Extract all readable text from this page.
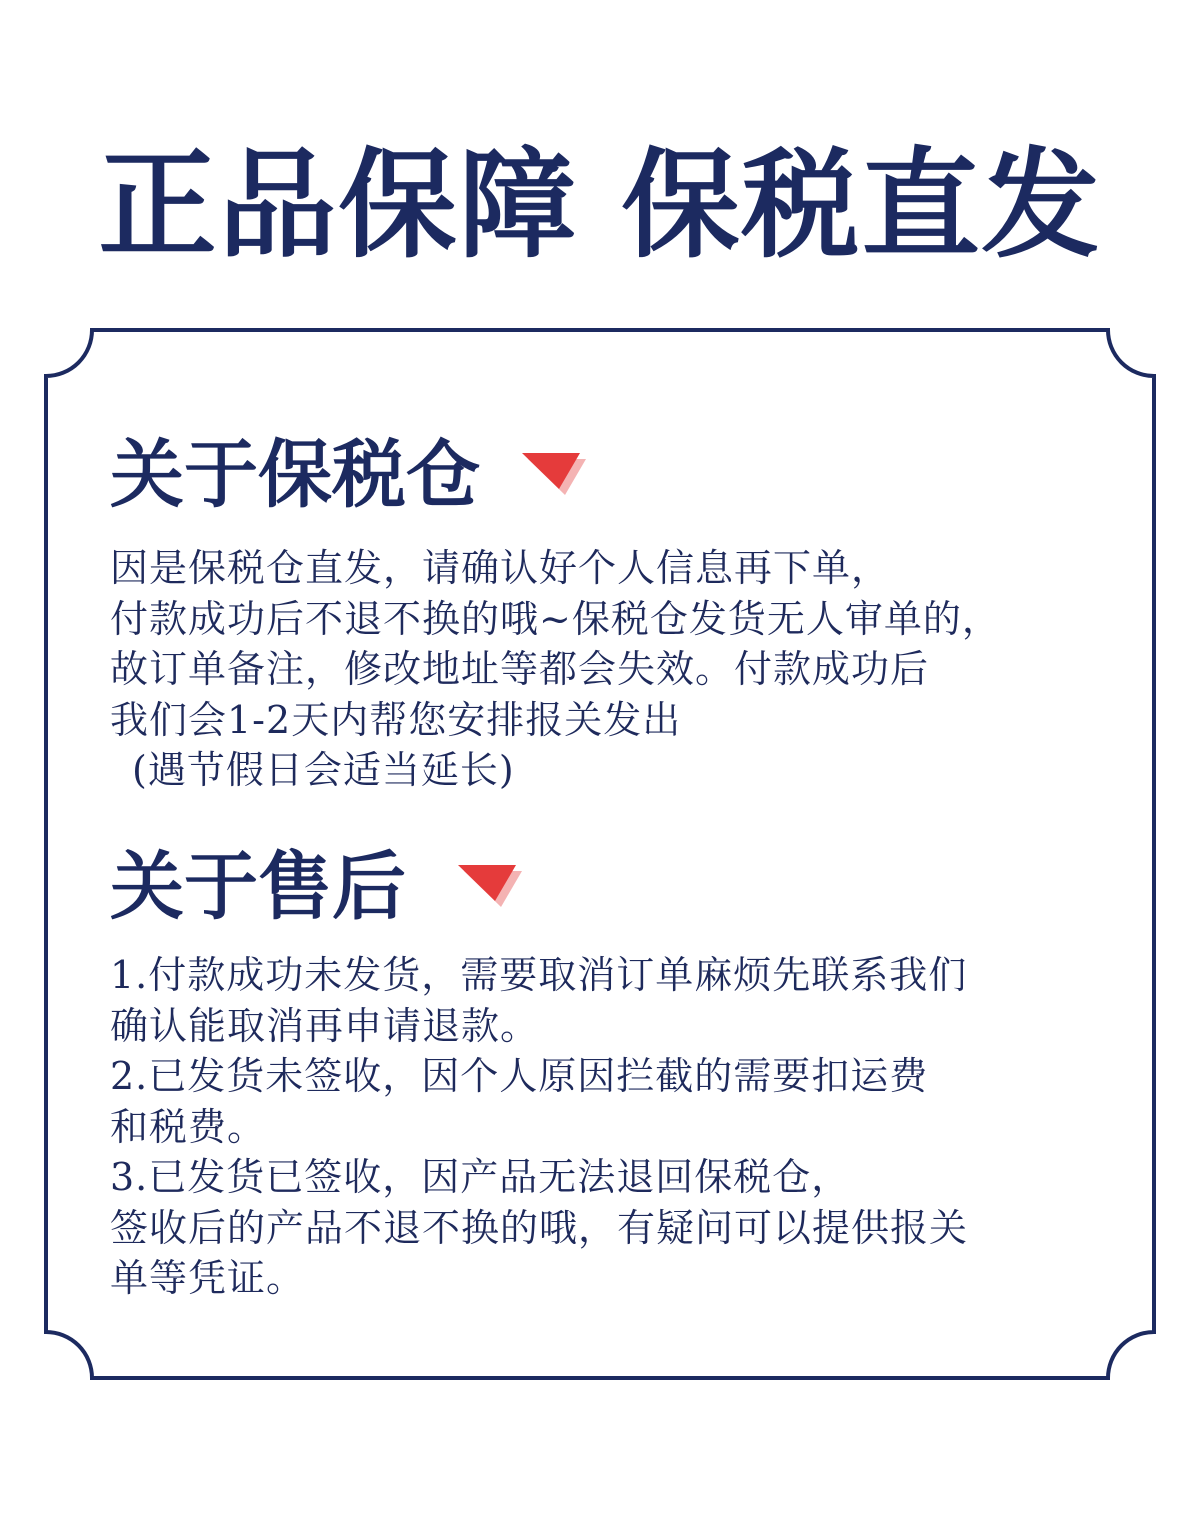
正品保障 保税直发
关于保税仓
因是保税仓直发，请确认好个人信息再下单，
付款成功后不退不换的哦~保税仓发货无人审单的，
故订单备注，修改地址等都会失效。付款成功后
我们会1-2天内帮您安排报关发出
(遇节假日会适当延长)
关于售后
1.付款成功未发货，需要取消订单麻烦先联系我们
确认能取消再申请退款。
2.已发货未签收，因个人原因拦截的需要扣运费
和税费。
3.已发货已签收，因产品无法退回保税仓，
签收后的产品不退不换的哦，有疑问可以提供报关
单等凭证。
